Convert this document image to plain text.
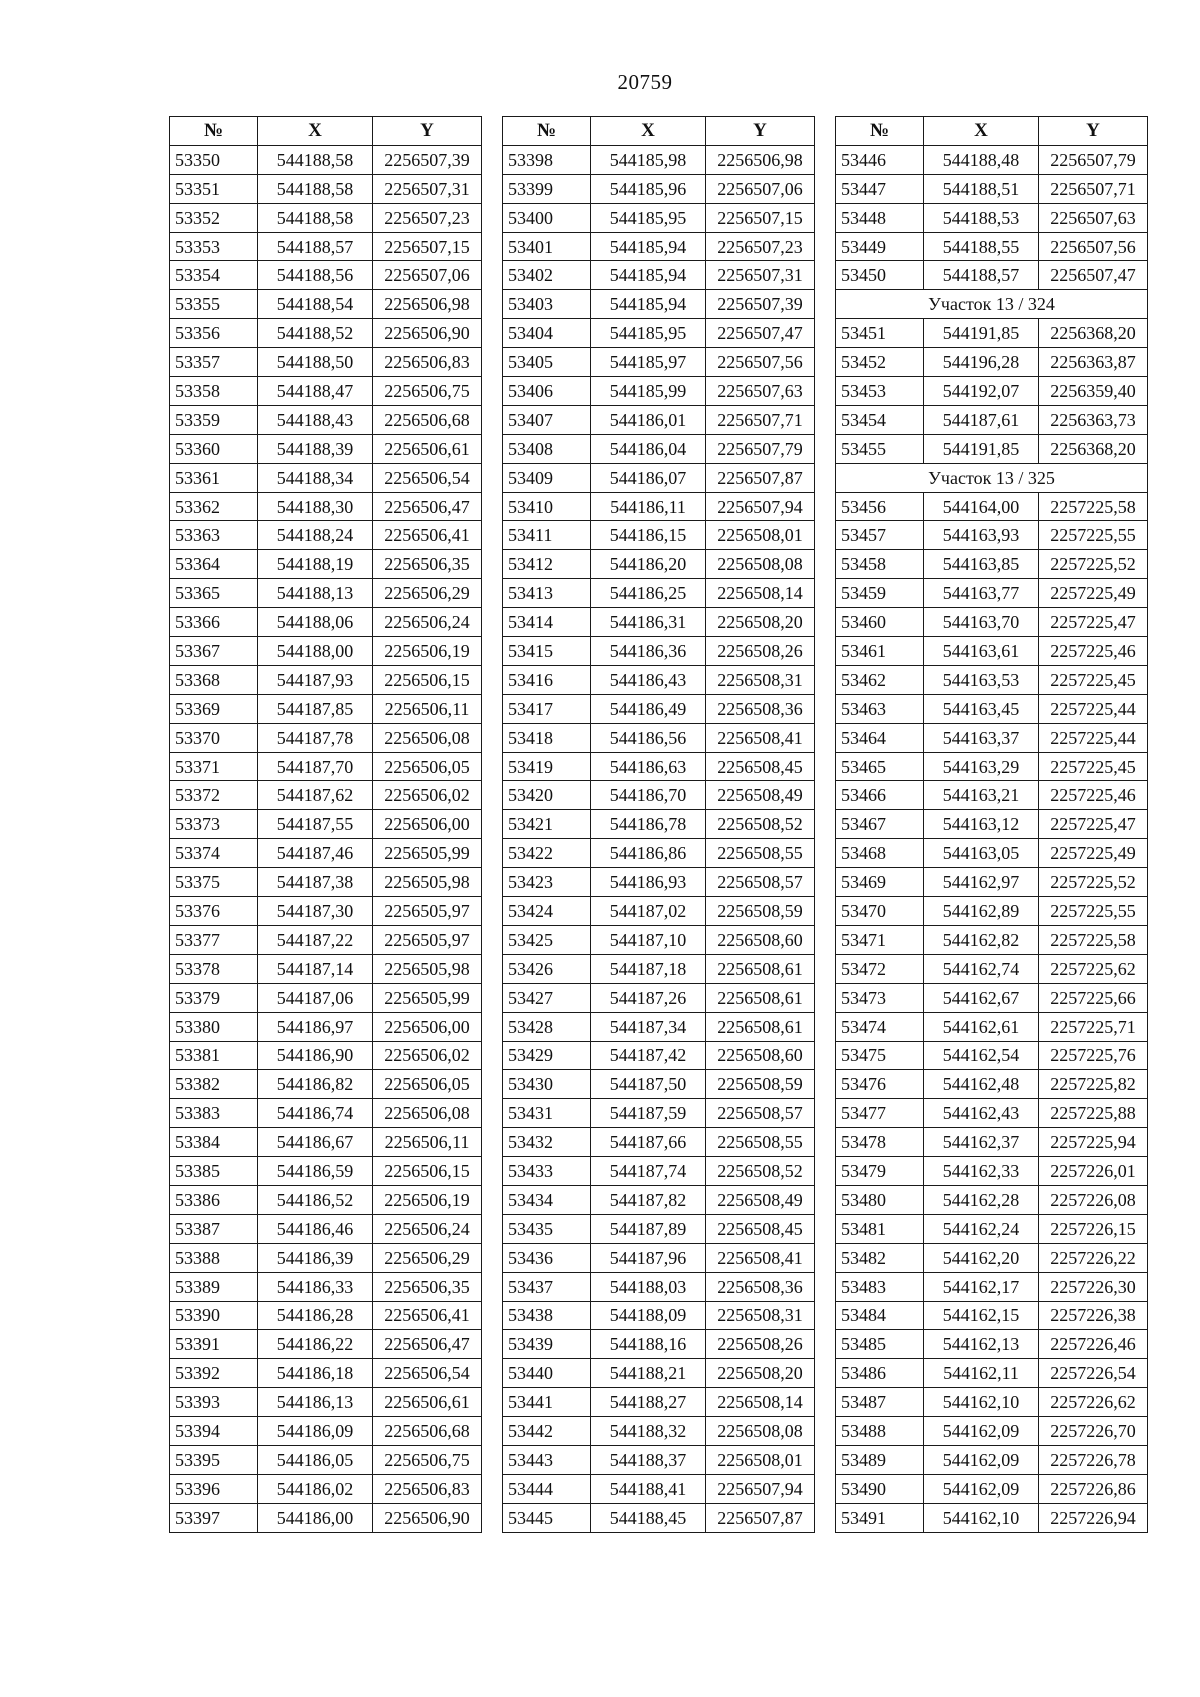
20759
№	X	Y
53350	544188,58	2256507,39
53351	544188,58	2256507,31
53352	544188,58	2256507,23
53353	544188,57	2256507,15
53354	544188,56	2256507,06
53355	544188,54	2256506,98
53356	544188,52	2256506,90
53357	544188,50	2256506,83
53358	544188,47	2256506,75
53359	544188,43	2256506,68
53360	544188,39	2256506,61
53361	544188,34	2256506,54
53362	544188,30	2256506,47
53363	544188,24	2256506,41
53364	544188,19	2256506,35
53365	544188,13	2256506,29
53366	544188,06	2256506,24
53367	544188,00	2256506,19
53368	544187,93	2256506,15
53369	544187,85	2256506,11
53370	544187,78	2256506,08
53371	544187,70	2256506,05
53372	544187,62	2256506,02
53373	544187,55	2256506,00
53374	544187,46	2256505,99
53375	544187,38	2256505,98
53376	544187,30	2256505,97
53377	544187,22	2256505,97
53378	544187,14	2256505,98
53379	544187,06	2256505,99
53380	544186,97	2256506,00
53381	544186,90	2256506,02
53382	544186,82	2256506,05
53383	544186,74	2256506,08
53384	544186,67	2256506,11
53385	544186,59	2256506,15
53386	544186,52	2256506,19
53387	544186,46	2256506,24
53388	544186,39	2256506,29
53389	544186,33	2256506,35
53390	544186,28	2256506,41
53391	544186,22	2256506,47
53392	544186,18	2256506,54
53393	544186,13	2256506,61
53394	544186,09	2256506,68
53395	544186,05	2256506,75
53396	544186,02	2256506,83
53397	544186,00	2256506,90
№	X	Y
53398	544185,98	2256506,98
53399	544185,96	2256507,06
53400	544185,95	2256507,15
53401	544185,94	2256507,23
53402	544185,94	2256507,31
53403	544185,94	2256507,39
53404	544185,95	2256507,47
53405	544185,97	2256507,56
53406	544185,99	2256507,63
53407	544186,01	2256507,71
53408	544186,04	2256507,79
53409	544186,07	2256507,87
53410	544186,11	2256507,94
53411	544186,15	2256508,01
53412	544186,20	2256508,08
53413	544186,25	2256508,14
53414	544186,31	2256508,20
53415	544186,36	2256508,26
53416	544186,43	2256508,31
53417	544186,49	2256508,36
53418	544186,56	2256508,41
53419	544186,63	2256508,45
53420	544186,70	2256508,49
53421	544186,78	2256508,52
53422	544186,86	2256508,55
53423	544186,93	2256508,57
53424	544187,02	2256508,59
53425	544187,10	2256508,60
53426	544187,18	2256508,61
53427	544187,26	2256508,61
53428	544187,34	2256508,61
53429	544187,42	2256508,60
53430	544187,50	2256508,59
53431	544187,59	2256508,57
53432	544187,66	2256508,55
53433	544187,74	2256508,52
53434	544187,82	2256508,49
53435	544187,89	2256508,45
53436	544187,96	2256508,41
53437	544188,03	2256508,36
53438	544188,09	2256508,31
53439	544188,16	2256508,26
53440	544188,21	2256508,20
53441	544188,27	2256508,14
53442	544188,32	2256508,08
53443	544188,37	2256508,01
53444	544188,41	2256507,94
53445	544188,45	2256507,87
№	X	Y
53446	544188,48	2256507,79
53447	544188,51	2256507,71
53448	544188,53	2256507,63
53449	544188,55	2256507,56
53450	544188,57	2256507,47
Участок 13 / 324		
53451	544191,85	2256368,20
53452	544196,28	2256363,87
53453	544192,07	2256359,40
53454	544187,61	2256363,73
53455	544191,85	2256368,20
Участок 13 / 325		
53456	544164,00	2257225,58
53457	544163,93	2257225,55
53458	544163,85	2257225,52
53459	544163,77	2257225,49
53460	544163,70	2257225,47
53461	544163,61	2257225,46
53462	544163,53	2257225,45
53463	544163,45	2257225,44
53464	544163,37	2257225,44
53465	544163,29	2257225,45
53466	544163,21	2257225,46
53467	544163,12	2257225,47
53468	544163,05	2257225,49
53469	544162,97	2257225,52
53470	544162,89	2257225,55
53471	544162,82	2257225,58
53472	544162,74	2257225,62
53473	544162,67	2257225,66
53474	544162,61	2257225,71
53475	544162,54	2257225,76
53476	544162,48	2257225,82
53477	544162,43	2257225,88
53478	544162,37	2257225,94
53479	544162,33	2257226,01
53480	544162,28	2257226,08
53481	544162,24	2257226,15
53482	544162,20	2257226,22
53483	544162,17	2257226,30
53484	544162,15	2257226,38
53485	544162,13	2257226,46
53486	544162,11	2257226,54
53487	544162,10	2257226,62
53488	544162,09	2257226,70
53489	544162,09	2257226,78
53490	544162,09	2257226,86
53491	544162,10	2257226,94
